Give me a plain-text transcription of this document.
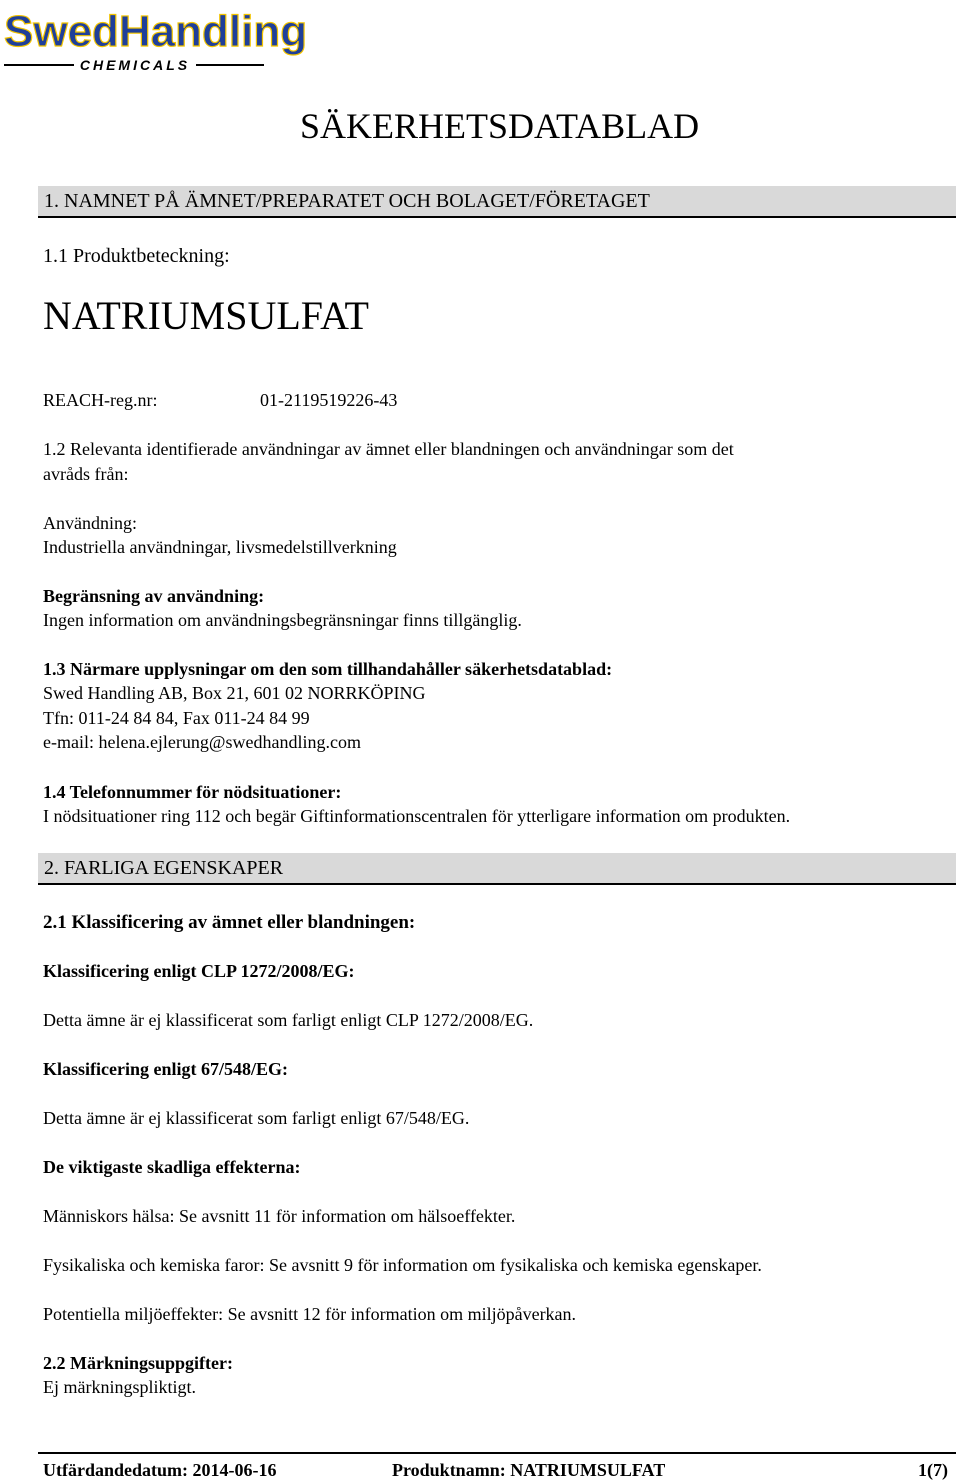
SwedHandling
CHEMICALS
SÄKERHETSDATABLAD
1. NAMNET PÅ ÄMNET/PREPARATET OCH BOLAGET/FÖRETAGET
1.1 Produktbeteckning:
NATRIUMSULFAT
REACH-reg.nr:	01-2119519226-43
1.2 Relevanta identifierade användningar av ämnet eller blandningen och användningar som det
avråds från:
Användning:
Industriella användningar, livsmedelstillverkning
Begränsning av användning:
Ingen information om användningsbegränsningar finns tillgänglig.
1.3 Närmare upplysningar om den som tillhandahåller säkerhetsdatablad:
Swed Handling AB, Box 21, 601 02 NORRKÖPING
Tfn: 011-24 84 84, Fax 011-24 84 99
e-mail: helena.ejlerung@swedhandling.com
1.4 Telefonnummer för nödsituationer:
I nödsituationer ring 112 och begär Giftinformationscentralen för ytterligare information om produkten.
2. FARLIGA EGENSKAPER
2.1 Klassificering av ämnet eller blandningen:
Klassificering enligt CLP 1272/2008/EG:
Detta ämne är ej klassificerat som farligt enligt CLP 1272/2008/EG.
Klassificering enligt 67/548/EG:
Detta ämne är ej klassificerat som farligt enligt 67/548/EG.
De viktigaste skadliga effekterna:
Människors hälsa: Se avsnitt 11 för information om hälsoeffekter.
Fysikaliska och kemiska faror: Se avsnitt 9 för information om fysikaliska och kemiska egenskaper.
Potentiella miljöeffekter: Se avsnitt 12 för information om miljöpåverkan.
2.2 Märkningsuppgifter:
Ej märkningspliktigt.
Utfärdandedatum: 2014-06-16	Produktnamn: NATRIUMSULFAT	1(7)
